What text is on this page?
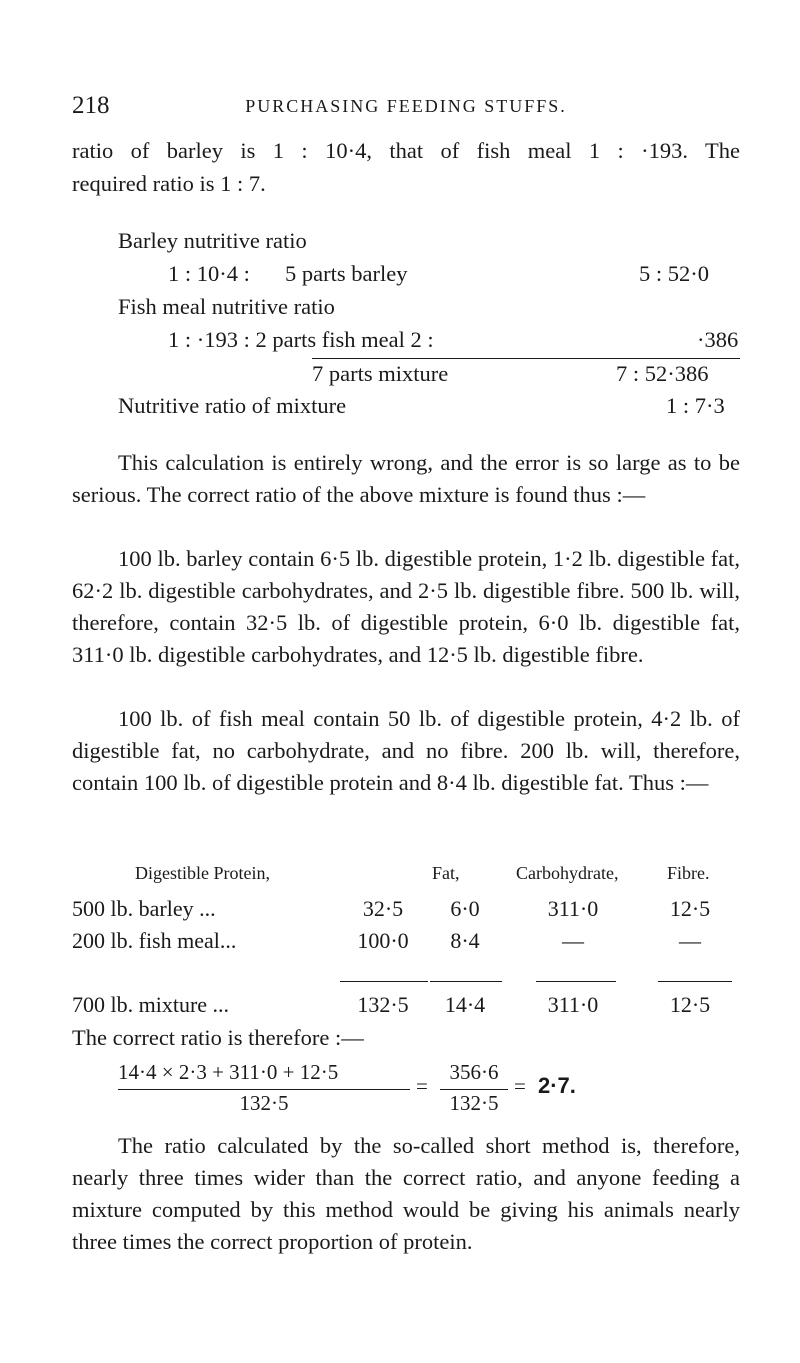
218	PURCHASING FEEDING STUFFS.
ratio of barley is 1 : 10·4, that of fish meal 1 : ·193. The
required ratio is 1 : 7.
Barley nutritive ratio
1 : 10·4 : 5 parts barley	5 : 52·0
Fish meal nutritive ratio
1 : ·193 : 2 parts fish meal 2 :	·386
7 parts mixture	7 : 52·386
Nutritive ratio of mixture	1 : 7·3

This calculation is entirely wrong, and the error is so large as to be serious. The correct ratio of the above mixture is found thus :—

100 lb. barley contain 6·5 lb. digestible protein, 1·2 lb. digestible fat, 62·2 lb. digestible carbohydrates, and 2·5 lb. digestible fibre. 500 lb. will, therefore, contain 32·5 lb. of digestible protein, 6·0 lb. digestible fat, 311·0 lb. digestible carbohydrates, and 12·5 lb. digestible fibre.

100 lb. of fish meal contain 50 lb. of digestible protein, 4·2 lb. of digestible fat, no carbohydrate, and no fibre. 200 lb. will, therefore, contain 100 lb. of digestible protein and 8·4 lb. digestible fat. Thus :—

Digestible Protein,	Fat,	Carbohydrate,	Fibre.
500 lb. barley ...	32·5	6·0	311·0	12·5
200 lb. fish meal...	100·0	8·4	—	—
700 lb. mixture ...	132·5	14·4	311·0	12·5
The correct ratio is therefore :—
14·4 × 2·3 + 311·0 + 12·5
132·5
=
356·6
132·5
= 2·7.

The ratio calculated by the so-called short method is, therefore, nearly three times wider than the correct ratio, and anyone feeding a mixture computed by this method would be giving his animals nearly three times the correct proportion of protein.
